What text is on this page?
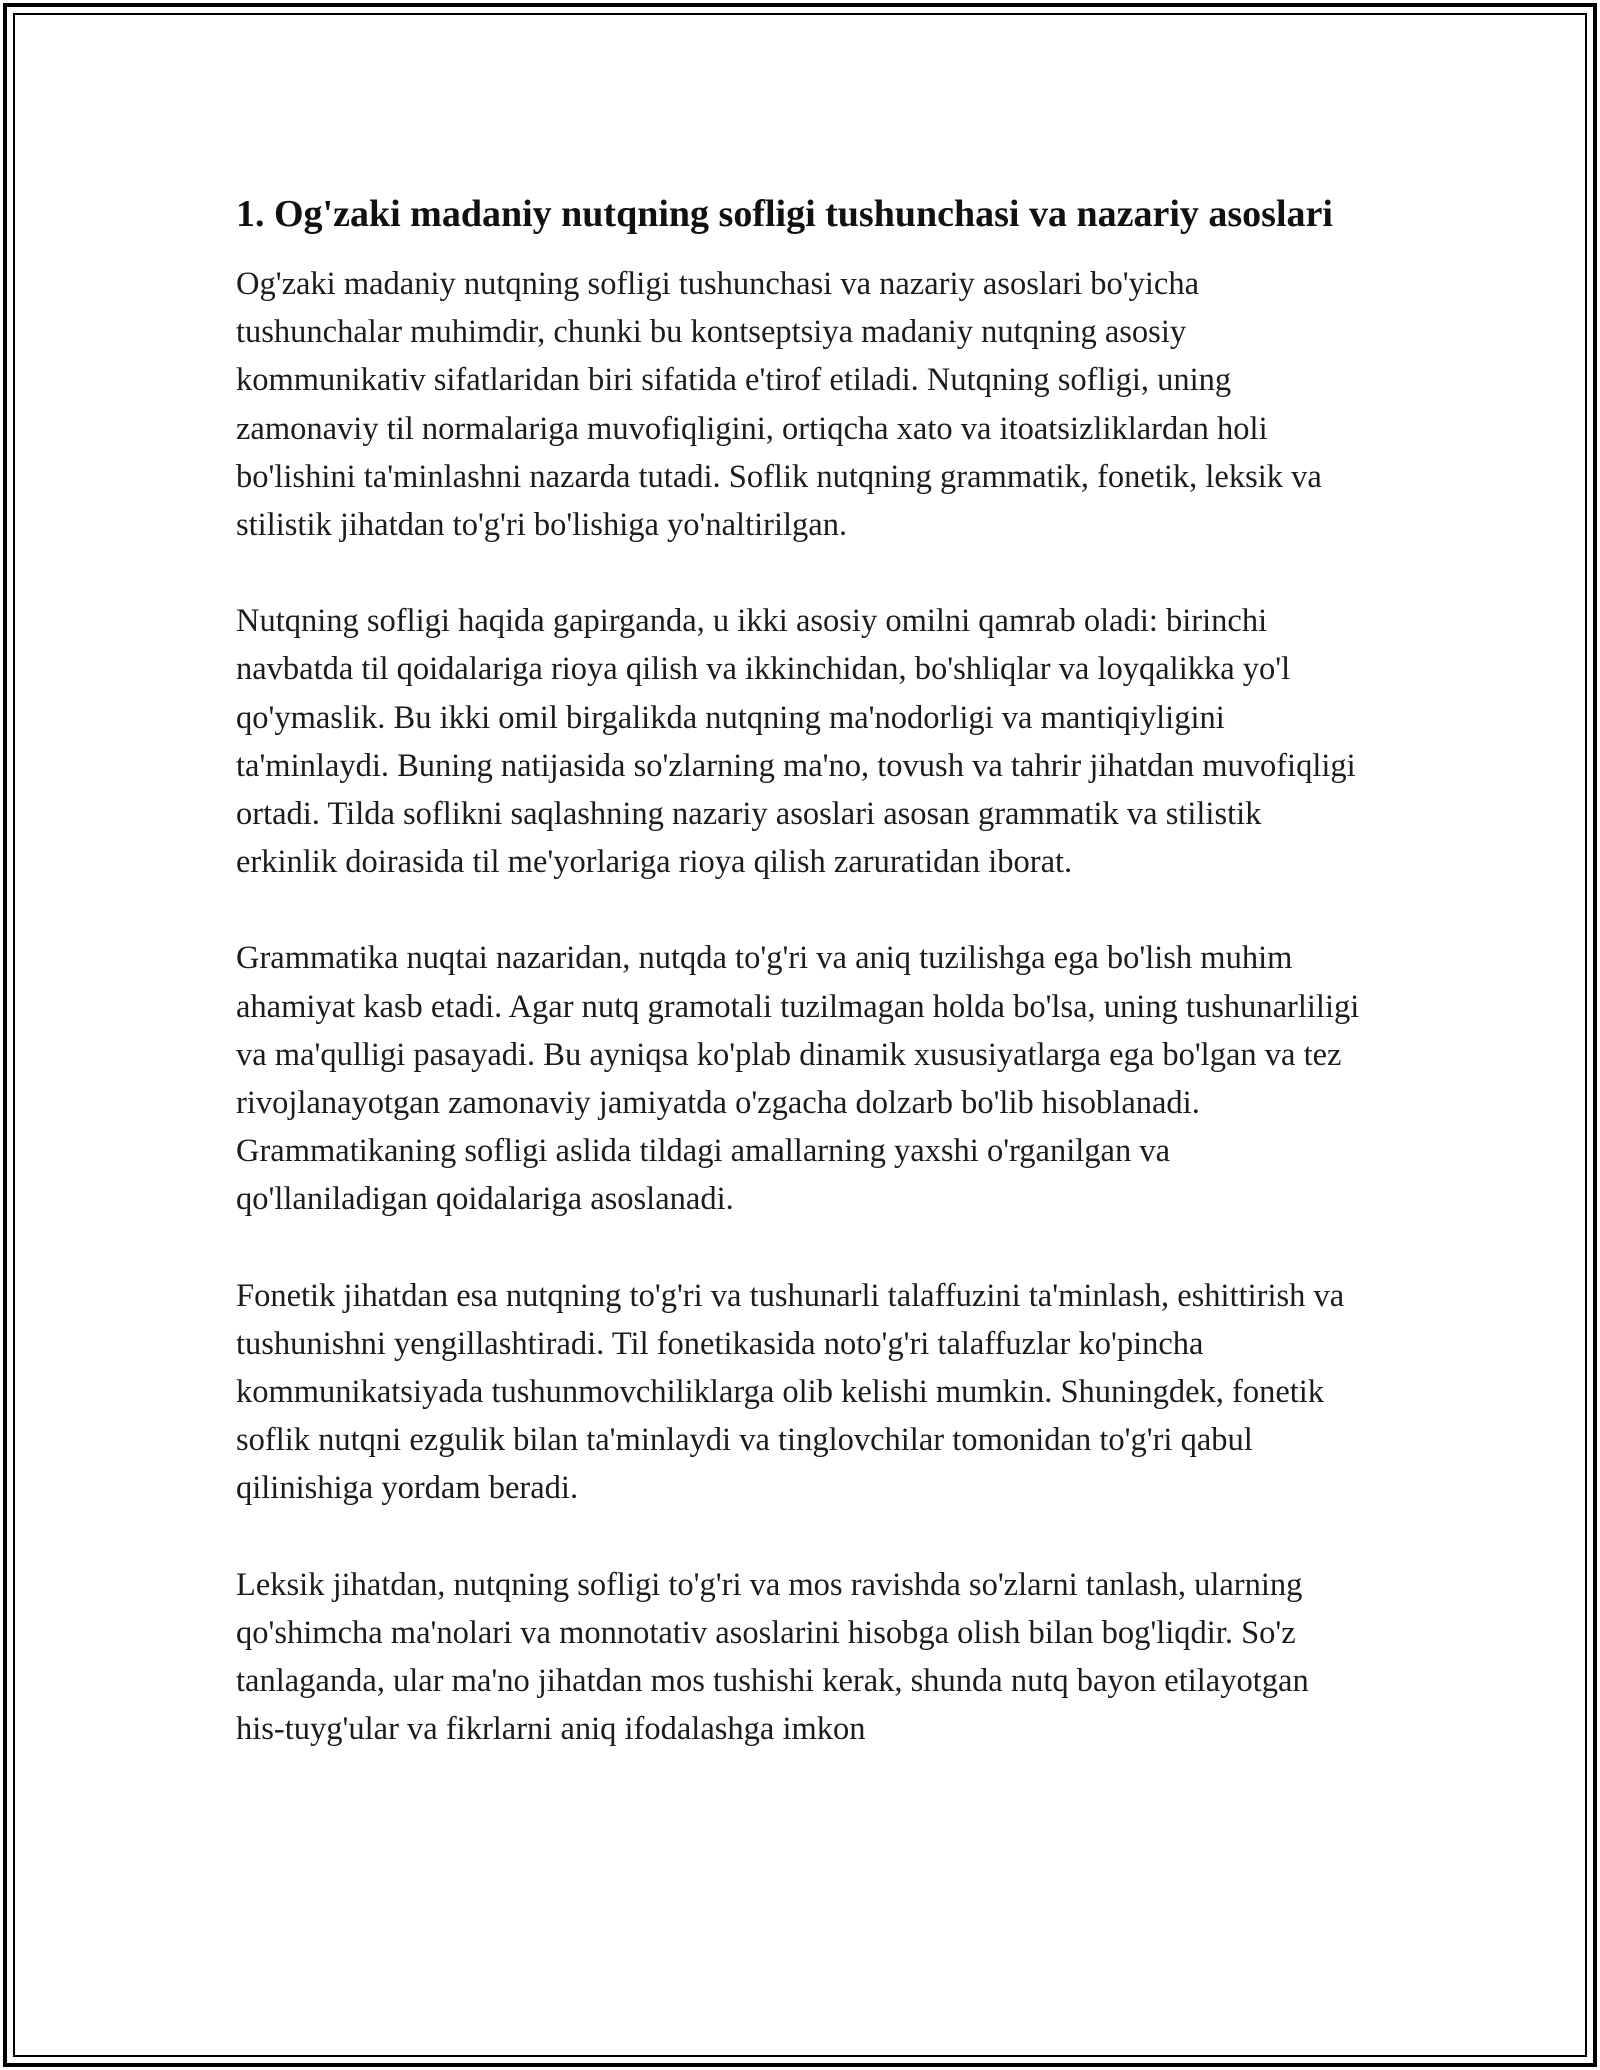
1. Og'zaki madaniy nutqning sofligi tushunchasi va nazariy asoslari

Og'zaki madaniy nutqning sofligi tushunchasi va nazariy asoslari bo'yicha tushunchalar muhimdir, chunki bu kontseptsiya madaniy nutqning asosiy kommunikativ sifatlaridan biri sifatida e'tirof etiladi. Nutqning sofligi, uning zamonaviy til normalariga muvofiqligini, ortiqcha xato va itoatsizliklardan holi bo'lishini ta'minlashni nazarda tutadi. Soflik nutqning grammatik, fonetik, leksik va stilistik jihatdan to'g'ri bo'lishiga yo'naltirilgan.

Nutqning sofligi haqida gapirganda, u ikki asosiy omilni qamrab oladi: birinchi navbatda til qoidalariga rioya qilish va ikkinchidan, bo'shliqlar va loyqalikka yo'l qo'ymaslik. Bu ikki omil birgalikda nutqning ma'nodorligi va mantiqiyligini ta'minlaydi. Buning natijasida so'zlarning ma'no, tovush va tahrir jihatdan muvofiqligi ortadi. Tilda soflikni saqlashning nazariy asoslari asosan grammatik va stilistik erkinlik doirasida til me'yorlariga rioya qilish zaruratidan iborat.

Grammatika nuqtai nazaridan, nutqda to'g'ri va aniq tuzilishga ega bo'lish muhim ahamiyat kasb etadi. Agar nutq gramotali tuzilmagan holda bo'lsa, uning tushunarliligi va ma'qulligi pasayadi. Bu ayniqsa ko'plab dinamik xususiyatlarga ega bo'lgan va tez rivojlanayotgan zamonaviy jamiyatda o'zgacha dolzarb bo'lib hisoblanadi. Grammatikaning sofligi aslida tildagi amallarning yaxshi o'rganilgan va qo'llaniladigan qoidalariga asoslanadi.

Fonetik jihatdan esa nutqning to'g'ri va tushunarli talaffuzini ta'minlash, eshittirish va tushunishni yengillashtiradi. Til fonetikasida noto'g'ri talaffuzlar ko'pincha kommunikatsiyada tushunmovchiliklarga olib kelishi mumkin. Shuningdek, fonetik soflik nutqni ezgulik bilan ta'minlaydi va tinglovchilar tomonidan to'g'ri qabul qilinishiga yordam beradi.

Leksik jihatdan, nutqning sofligi to'g'ri va mos ravishda so'zlarni tanlash, ularning qo'shimcha ma'nolari va monnotativ asoslarini hisobga olish bilan bog'liqdir. So'z tanlaganda, ular ma'no jihatdan mos tushishi kerak, shunda nutq bayon etilayotgan his-tuyg'ular va fikrlarni aniq ifodalashga imkon
